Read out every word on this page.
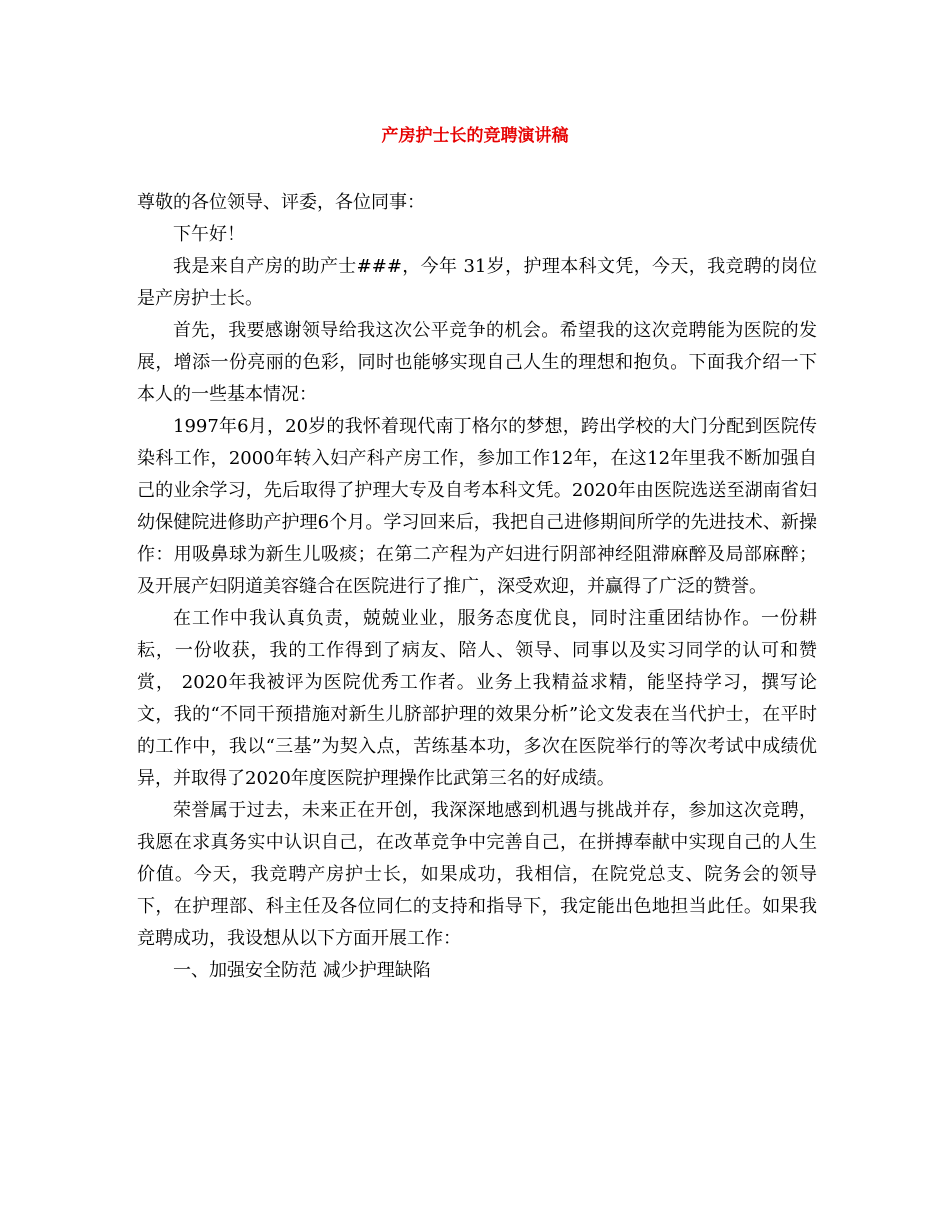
产房护士长的竞聘演讲稿

尊敬的各位领导、评委，各位同事：

下午好！

我是来自产房的助产士###，今年 31岁，护理本科文凭，今天，我竞聘的岗位是产房护士长。

首先，我要感谢领导给我这次公平竞争的机会。希望我的这次竞聘能为医院的发展，增添一份亮丽的色彩，同时也能够实现自己人生的理想和抱负。下面我介绍一下本人的一些基本情况：

1997年6月，20岁的我怀着现代南丁格尔的梦想，跨出学校的大门分配到医院传染科工作，2000年转入妇产科产房工作，参加工作12年，在这12年里我不断加强自己的业余学习，先后取得了护理大专及自考本科文凭。2020年由医院选送至湖南省妇幼保健院进修助产护理6个月。学习回来后，我把自己进修期间所学的先进技术、新操作：用吸鼻球为新生儿吸痰；在第二产程为产妇进行阴部神经阻滞麻醉及局部麻醉；及开展产妇阴道美容缝合在医院进行了推广，深受欢迎，并赢得了广泛的赞誉。

在工作中我认真负责，兢兢业业，服务态度优良，同时注重团结协作。一份耕耘，一份收获，我的工作得到了病友、陪人、领导、同事以及实习同学的认可和赞赏， 2020年我被评为医院优秀工作者。业务上我精益求精，能坚持学习，撰写论文，我的“不同干预措施对新生儿脐部护理的效果分析”论文发表在当代护士，在平时的工作中，我以“三基”为契入点，苦练基本功，多次在医院举行的等次考试中成绩优异，并取得了2020年度医院护理操作比武第三名的好成绩。

荣誉属于过去，未来正在开创，我深深地感到机遇与挑战并存，参加这次竞聘，我愿在求真务实中认识自己，在改革竞争中完善自己，在拼搏奉献中实现自己的人生价值。今天，我竞聘产房护士长，如果成功，我相信，在院党总支、院务会的领导下，在护理部、科主任及各位同仁的支持和指导下，我定能出色地担当此任。如果我竞聘成功，我设想从以下方面开展工作：

一、加强安全防范 减少护理缺陷
